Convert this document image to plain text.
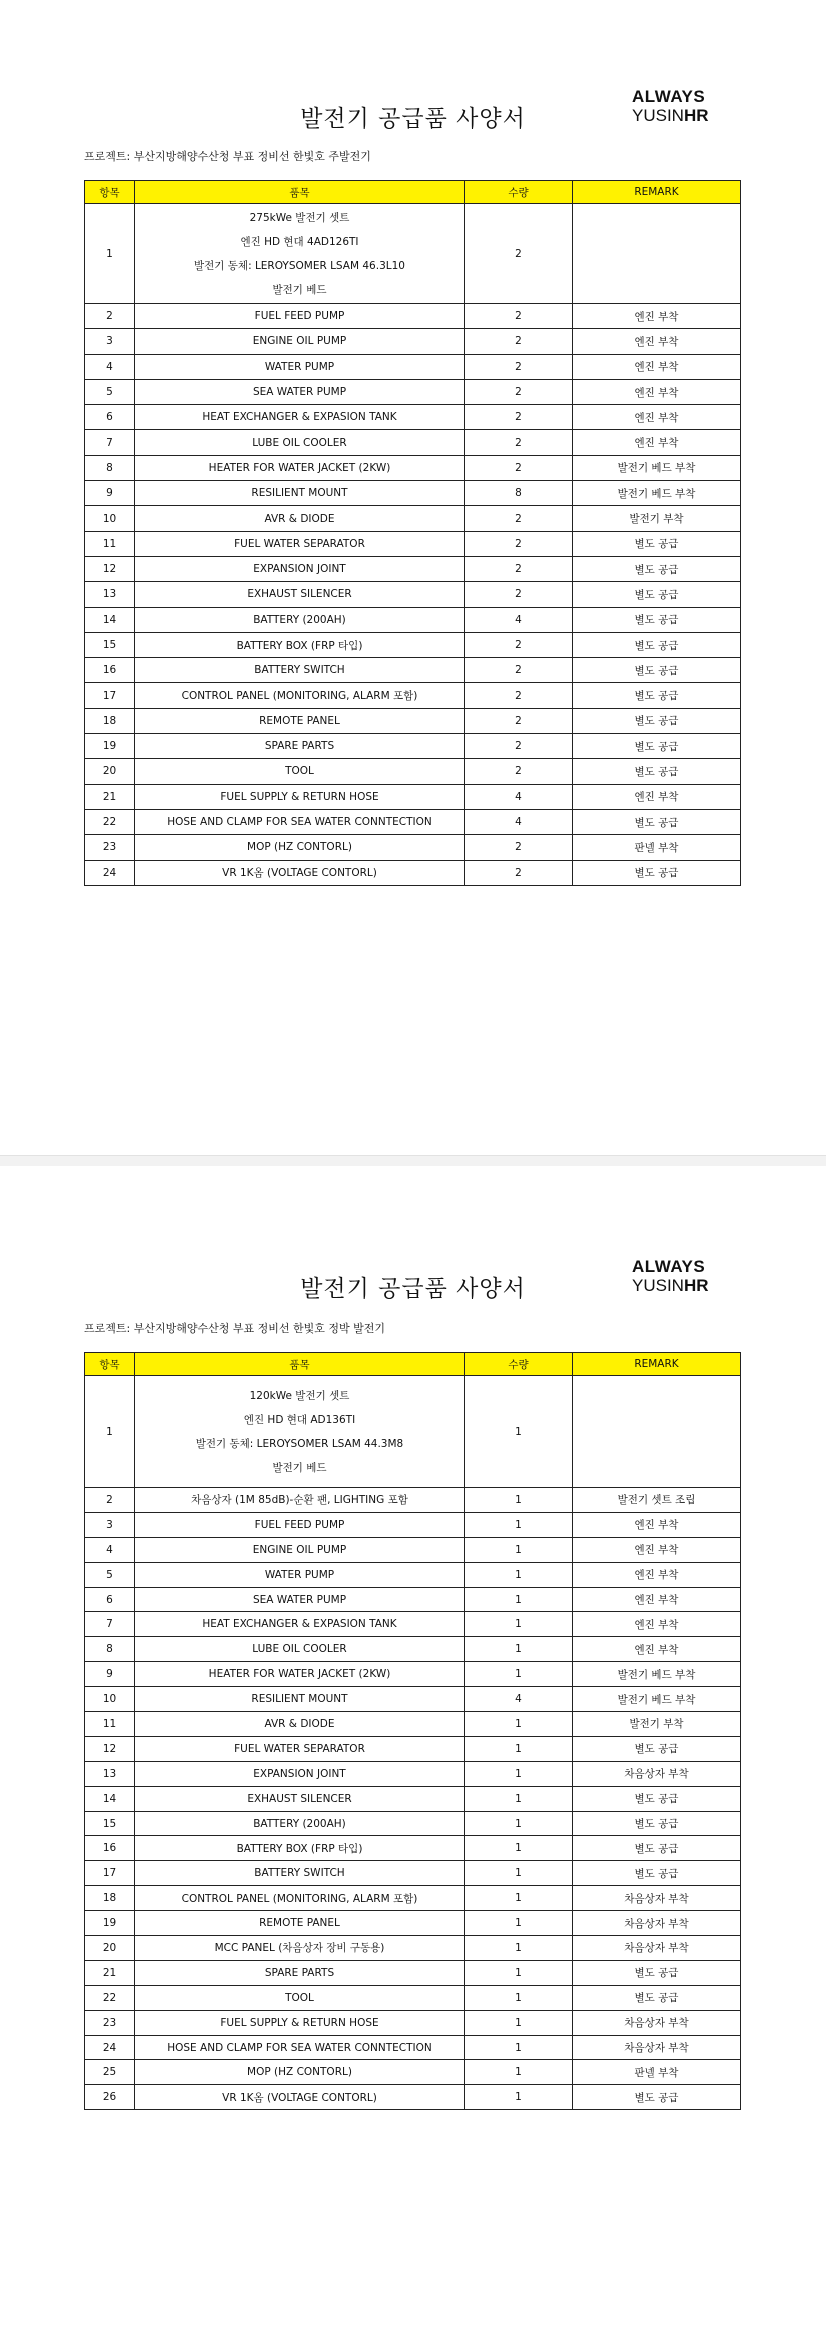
발전기 공급품 사양서
ALWAYS
YUSINHR
프로젝트: 부산지방해양수산청 부표 정비선 한빛호 주발전기
항목	품목	수량	REMARK
1	275kWe 발전기 셋트
엔진 HD 현대 4AD126TI
발전기 동체: LEROYSOMER LSAM 46.3L10
발전기 베드	2	
2	FUEL FEED PUMP	2	엔진 부착
3	ENGINE OIL PUMP	2	엔진 부착
4	WATER PUMP	2	엔진 부착
5	SEA WATER PUMP	2	엔진 부착
6	HEAT EXCHANGER & EXPASION TANK	2	엔진 부착
7	LUBE OIL COOLER	2	엔진 부착
8	HEATER FOR WATER JACKET (2KW)	2	발전기 베드 부착
9	RESILIENT MOUNT	8	발전기 베드 부착
10	AVR & DIODE	2	발전기 부착
11	FUEL WATER SEPARATOR	2	별도 공급
12	EXPANSION JOINT	2	별도 공급
13	EXHAUST SILENCER	2	별도 공급
14	BATTERY (200AH)	4	별도 공급
15	BATTERY BOX (FRP 타입)	2	별도 공급
16	BATTERY SWITCH	2	별도 공급
17	CONTROL PANEL (MONITORING, ALARM 포함)	2	별도 공급
18	REMOTE PANEL	2	별도 공급
19	SPARE PARTS	2	별도 공급
20	TOOL	2	별도 공급
21	FUEL SUPPLY & RETURN HOSE	4	엔진 부착
22	HOSE AND CLAMP FOR SEA WATER CONNTECTION	4	별도 공급
23	MOP (HZ CONTORL)	2	판넬 부착
24	VR 1K옴 (VOLTAGE CONTORL)	2	별도 공급
발전기 공급품 사양서
ALWAYS
YUSINHR
프로젝트: 부산지방해양수산청 부표 정비선 한빛호 정박 발전기
항목	품목	수량	REMARK
1	120kWe 발전기 셋트
엔진 HD 현대 AD136TI
발전기 동체: LEROYSOMER LSAM 44.3M8
발전기 베드	1	
2	차음상자 (1M 85dB)-순환 팬, LIGHTING 포함	1	발전기 셋트 조립
3	FUEL FEED PUMP	1	엔진 부착
4	ENGINE OIL PUMP	1	엔진 부착
5	WATER PUMP	1	엔진 부착
6	SEA WATER PUMP	1	엔진 부착
7	HEAT EXCHANGER & EXPASION TANK	1	엔진 부착
8	LUBE OIL COOLER	1	엔진 부착
9	HEATER FOR WATER JACKET (2KW)	1	발전기 베드 부착
10	RESILIENT MOUNT	4	발전기 베드 부착
11	AVR & DIODE	1	발전기 부착
12	FUEL WATER SEPARATOR	1	별도 공급
13	EXPANSION JOINT	1	차음상자 부착
14	EXHAUST SILENCER	1	별도 공급
15	BATTERY (200AH)	1	별도 공급
16	BATTERY BOX (FRP 타입)	1	별도 공급
17	BATTERY SWITCH	1	별도 공급
18	CONTROL PANEL (MONITORING, ALARM 포함)	1	차음상자 부착
19	REMOTE PANEL	1	차음상자 부착
20	MCC PANEL (차음상자 장비 구동용)	1	차음상자 부착
21	SPARE PARTS	1	별도 공급
22	TOOL	1	별도 공급
23	FUEL SUPPLY & RETURN HOSE	1	차음상자 부착
24	HOSE AND CLAMP FOR SEA WATER CONNTECTION	1	차음상자 부착
25	MOP (HZ CONTORL)	1	판넬 부착
26	VR 1K옴 (VOLTAGE CONTORL)	1	별도 공급
